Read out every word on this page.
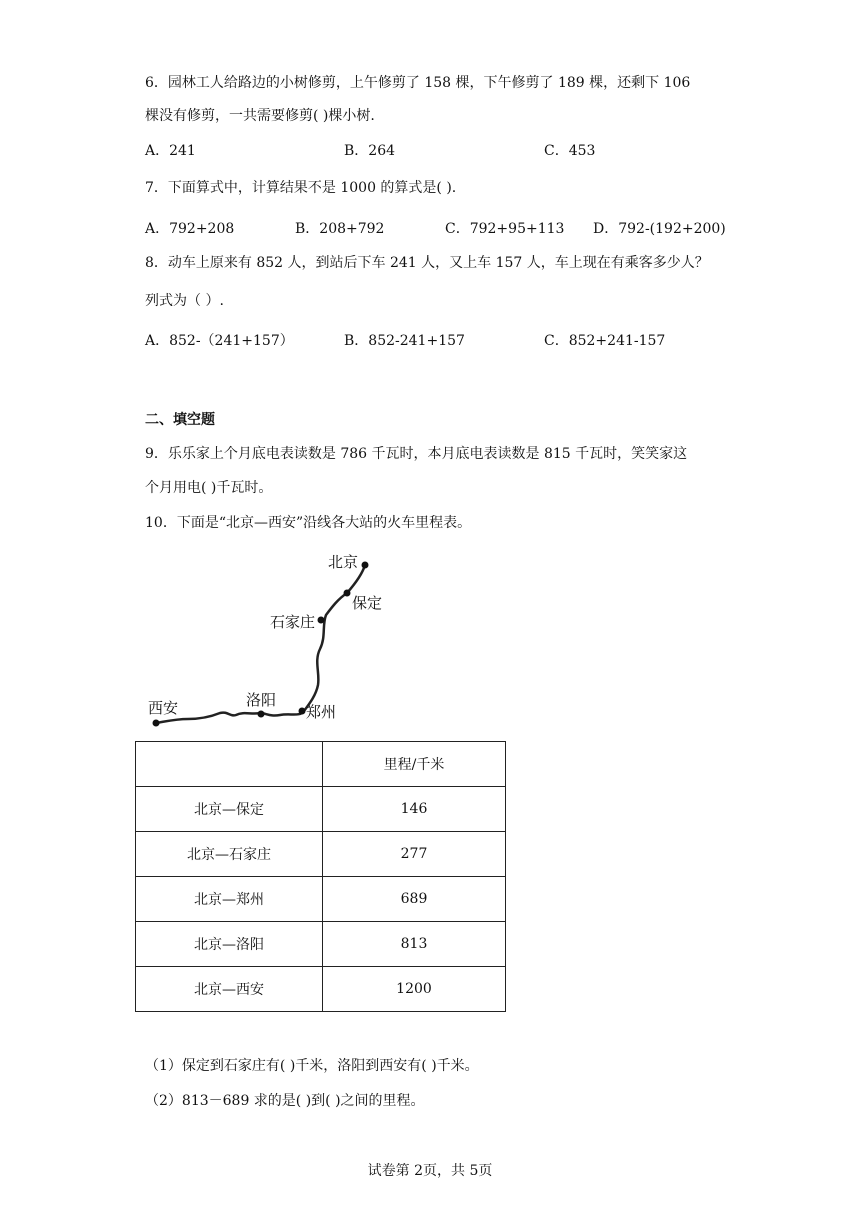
6．园林工人给路边的小树修剪，上午修剪了 158 棵，下午修剪了 189 棵，还剩下 106
棵没有修剪，一共需要修剪( )棵小树.
A．241	B．264	C．453
7．下面算式中，计算结果不是 1000 的算式是( ).
A．792+208	B．208+792	C．792+95+113 D．792-(192+200)
8．动车上原来有 852 人，到站后下车 241 人，又上车 157 人，车上现在有乘客多少人？
列式为（ ）.
A．852-（241+157）	B．852-241+157	C．852+241-157
二、填空题
9．乐乐家上个月底电表读数是 786 千瓦时，本月底电表读数是 815 千瓦时，笑笑家这
个月用电( )千瓦时。
10．下面是“北京—西安”沿线各大站的火车里程表。
北京
保定
石家庄
郑州
洛阳
西安
	里程/千米
北京—保定	146
北京—石家庄	277
北京—郑州	689
北京—洛阳	813
北京—西安	1200
（1）保定到石家庄有( )千米，洛阳到西安有( )千米。
（2）813－689 求的是( )到( )之间的里程。
试卷第 2页，共 5页
